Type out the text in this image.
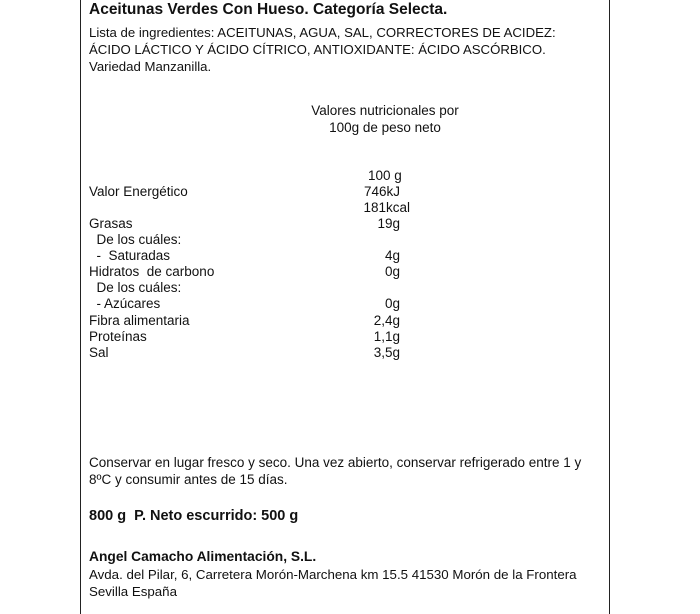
Aceitunas Verdes Con Hueso. Categoría Selecta.
Lista de ingredientes: ACEITUNAS, AGUA, SAL, CORRECTORES DE ACIDEZ:
ÁCIDO LÁCTICO Y ÁCIDO CÍTRICO, ANTIOXIDANTE: ÁCIDO ASCÓRBICO.
Variedad Manzanilla.
Valores nutricionales por
100g de peso neto
100 g
Valor Energético	746kJ
181kcal
Grasas	19g
De los cuáles:
-  Saturadas	4g
Hidratos  de carbono	0g
De los cuáles:
- Azúcares	0g
Fibra alimentaria	2,4g
Proteínas	1,1g
Sal	3,5g
Conservar en lugar fresco y seco. Una vez abierto, conservar refrigerado entre 1 y
8ºC y consumir antes de 15 días.
800 g  P. Neto escurrido: 500 g
Angel Camacho Alimentación, S.L.
Avda. del Pilar, 6, Carretera Morón-Marchena km 15.5 41530 Morón de la Frontera
Sevilla España
